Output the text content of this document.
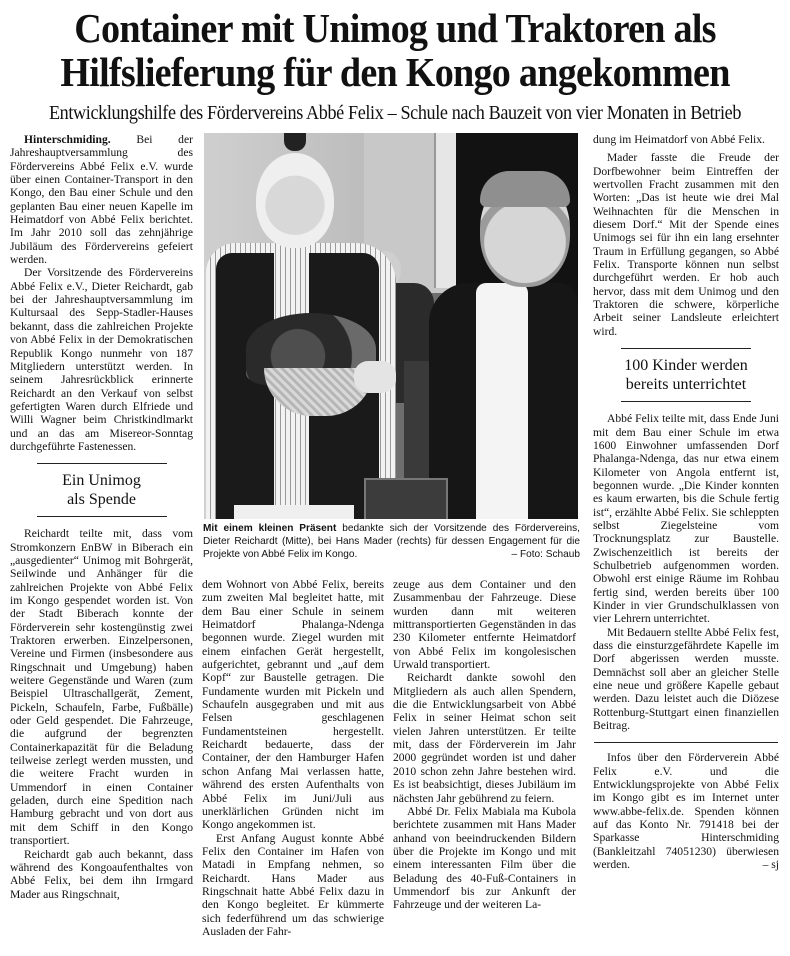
Container mit Unimog und Traktoren als
Hilfslieferung für den Kongo angekommen
Entwicklungshilfe des Fördervereins Abbé Felix – Schule nach Bauzeit von vier Monaten in Betrieb

Hinterschmiding. Bei der Jahreshauptversammlung des Fördervereins Abbé Felix e.V. wurde über einen Container-Transport in den Kongo, den Bau einer Schule und den geplanten Bau einer neuen Kapelle im Heimatdorf von Abbé Felix berichtet. Im Jahr 2010 soll das zehnjährige Jubiläum des Fördervereins gefeiert werden.

Der Vorsitzende des Fördervereins Abbé Felix e.V., Dieter Reichardt, gab bei der Jahreshauptversammlung im Kultursaal des Sepp-Stadler-Hauses bekannt, dass die zahlreichen Projekte von Abbé Felix in der Demokratischen Republik Kongo nunmehr von 187 Mitgliedern unterstützt werden. In seinem Jahresrückblick erinnerte Reichardt an den Verkauf von selbst gefertigten Waren durch Elfriede und Willi Wagner beim Christkindlmarkt und an das am Misereor-Sonntag durchgeführte Fastenessen.

Ein Unimog
als Spende

Reichardt teilte mit, dass vom Stromkonzern EnBW in Biberach ein „ausgedienter“ Unimog mit Bohrgerät, Seilwinde und Anhänger für die zahlreichen Projekte von Abbé Felix im Kongo gespendet worden ist. Von der Stadt Biberach konnte der Förderverein sehr kostengünstig zwei Traktoren erwerben. Einzelpersonen, Vereine und Firmen (insbesondere aus Ringschnait und Umgebung) haben weitere Gegenstände und Waren (zum Beispiel Ultraschallgerät, Zement, Pickeln, Schaufeln, Farbe, Fußbälle) oder Geld gespendet. Die Fahrzeuge, die aufgrund der begrenzten Containerkapazität für die Beladung teilweise zerlegt werden mussten, und die weitere Fracht wurden in Ummendorf in einen Container geladen, durch eine Spedition nach Hamburg gebracht und von dort aus mit dem Schiff in den Kongo transportiert.

Reichardt gab auch bekannt, dass während des Kongoaufenthaltes von Abbé Felix, bei dem ihn Irmgard Mader aus Ringschnait,

Mit einem kleinen Präsent bedankte sich der Vorsitzende des Fördervereins, Dieter Reichardt (Mitte), bei Hans Mader (rechts) für dessen Engagement für die Projekte von Abbé Felix im Kongo.	– Foto: Schaub

dem Wohnort von Abbé Felix, bereits zum zweiten Mal begleitet hatte, mit dem Bau einer Schule in seinem Heimatdorf Phalanga-Ndenga begonnen wurde. Ziegel wurden mit einem einfachen Gerät hergestellt, aufgerichtet, gebrannt und „auf dem Kopf“ zur Baustelle getragen. Die Fundamente wurden mit Pickeln und Schaufeln ausgegraben und mit aus Felsen geschlagenen Fundamentsteinen hergestellt. Reichardt bedauerte, dass der Container, der den Hamburger Hafen schon Anfang Mai verlassen hatte, während des ersten Aufenthalts von Abbé Felix im Juni/Juli aus unerklärlichen Gründen nicht im Kongo angekommen ist.

Erst Anfang August konnte Abbé Felix den Container im Hafen von Matadi in Empfang nehmen, so Reichardt. Hans Mader aus Ringschnait hatte Abbé Felix dazu in den Kongo begleitet. Er kümmerte sich federführend um das schwierige Ausladen der Fahr-

zeuge aus dem Container und den Zusammenbau der Fahrzeuge. Diese wurden dann mit weiteren mittransportierten Gegenständen in das 230 Kilometer entfernte Heimatdorf von Abbé Felix im kongolesischen Urwald transportiert.

Reichardt dankte sowohl den Mitgliedern als auch allen Spendern, die die Entwicklungsarbeit von Abbé Felix in seiner Heimat schon seit vielen Jahren unterstützen. Er teilte mit, dass der Förderverein im Jahr 2000 gegründet worden ist und daher 2010 schon zehn Jahre bestehen wird. Es ist beabsichtigt, dieses Jubiläum im nächsten Jahr gebührend zu feiern.

Abbé Dr. Felix Mabiala ma Kubola berichtete zusammen mit Hans Mader anhand von beeindruckenden Bildern über die Projekte im Kongo und mit einem interessanten Film über die Beladung des 40-Fuß-Containers in Ummendorf bis zur Ankunft der Fahrzeuge und der weiteren La-

dung im Heimatdorf von Abbé Felix.

Mader fasste die Freude der Dorfbewohner beim Eintreffen der wertvollen Fracht zusammen mit den Worten: „Das ist heute wie drei Mal Weihnachten für die Menschen in diesem Dorf.“ Mit der Spende eines Unimogs sei für ihn ein lang ersehnter Traum in Erfüllung gegangen, so Abbé Felix. Transporte können nun selbst durchgeführt werden. Er hob auch hervor, dass mit dem Unimog und den Traktoren die schwere, körperliche Arbeit seiner Landsleute erleichtert wird.

100 Kinder werden
bereits unterrichtet

Abbé Felix teilte mit, dass Ende Juni mit dem Bau einer Schule im etwa 1600 Einwohner umfassenden Dorf Phalanga-Ndenga, das nur etwa einem Kilometer von Angola entfernt ist, begonnen wurde. „Die Kinder konnten es kaum erwarten, bis die Schule fertig ist“, erzählte Abbé Felix. Sie schleppten selbst Ziegelsteine vom Trocknungsplatz zur Baustelle. Zwischenzeitlich ist bereits der Schulbetrieb aufgenommen worden. Obwohl erst einige Räume im Rohbau fertig sind, werden bereits über 100 Kinder in vier Grundschulklassen von vier Lehrern unterrichtet.

Mit Bedauern stellte Abbé Felix fest, dass die einsturzgefährdete Kapelle im Dorf abgerissen werden musste. Demnächst soll aber an gleicher Stelle eine neue und größere Kapelle gebaut werden. Dazu leistet auch die Diözese Rottenburg-Stuttgart einen finanziellen Beitrag.

Infos über den Förderverein Abbé Felix e.V. und die Entwicklungsprojekte von Abbé Felix im Kongo gibt es im Internet unter www.abbe-felix.de. Spenden können auf das Konto Nr. 791418 bei der Sparkasse Hinterschmiding (Bankleitzahl 74051230) überwiesen werden.	– sj
